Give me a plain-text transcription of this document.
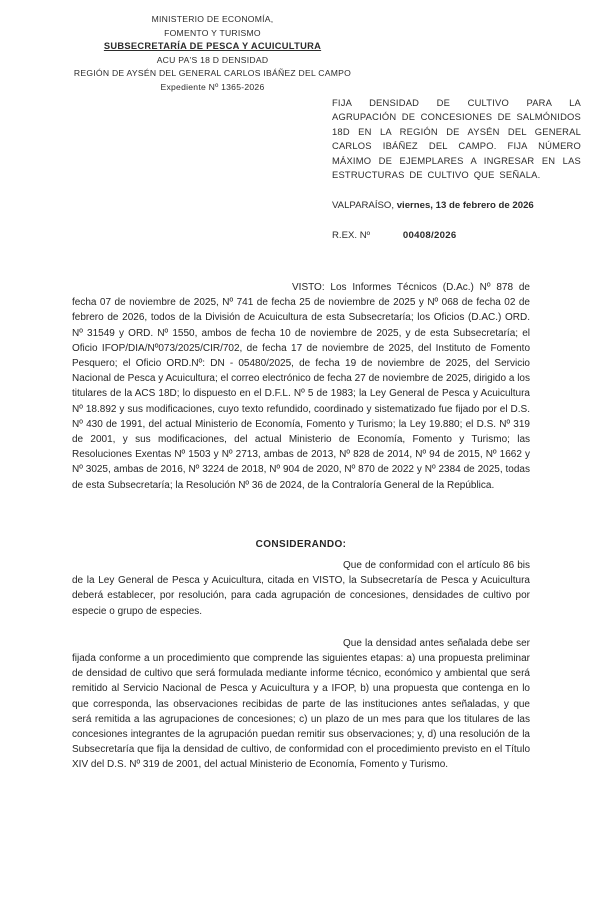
MINISTERIO DE ECONOMÍA,
FOMENTO Y TURISMO
SUBSECRETARÍA DE PESCA Y ACUICULTURA
ACU PA'S 18 D DENSIDAD
REGIÓN DE AYSÉN DEL GENERAL CARLOS IBÁÑEZ DEL CAMPO
Expediente Nº 1365-2026
FIJA DENSIDAD DE CULTIVO PARA LA AGRUPACIÓN DE CONCESIONES DE SALMÓNIDOS 18D EN LA REGIÓN DE AYSÉN DEL GENERAL CARLOS IBÁÑEZ DEL CAMPO. FIJA NÚMERO MÁXIMO DE EJEMPLARES A INGRESAR EN LAS ESTRUCTURAS DE CULTIVO QUE SEÑALA.
VALPARAÍSO, viernes, 13 de febrero de 2026
R.EX. Nº	00408/2026

VISTO: Los Informes Técnicos (D.Ac.) Nº 878 de fecha 07 de noviembre de 2025, Nº 741 de fecha 25 de noviembre de 2025 y Nº 068 de fecha 02 de febrero de 2026, todos de la División de Acuicultura de esta Subsecretaría; los Oficios (D.AC.) ORD. Nº 31549 y ORD. Nº 1550, ambos de fecha 10 de noviembre de 2025, y de esta Subsecretaría; el Oficio IFOP/DIA/Nº073/2025/CIR/702, de fecha 17 de noviembre de 2025, del Instituto de Fomento Pesquero; el Oficio ORD.Nº: DN - 05480/2025, de fecha 19 de noviembre de 2025, del Servicio Nacional de Pesca y Acuicultura; el correo electrónico de fecha 27 de noviembre de 2025, dirigido a los titulares de la ACS 18D; lo dispuesto en el D.F.L. Nº 5 de 1983; la Ley General de Pesca y Acuicultura Nº 18.892 y sus modificaciones, cuyo texto refundido, coordinado y sistematizado fue fijado por el D.S. Nº 430 de 1991, del actual Ministerio de Economía, Fomento y Turismo; la Ley 19.880; el D.S. Nº 319 de 2001, y sus modificaciones, del actual Ministerio de Economía, Fomento y Turismo; las Resoluciones Exentas Nº 1503 y Nº 2713, ambas de 2013, Nº 828 de 2014, Nº 94 de 2015, Nº 1662 y Nº 3025, ambas de 2016, Nº 3224 de 2018, Nº 904 de 2020, Nº 870 de 2022 y Nº 2384 de 2025, todas de esta Subsecretaría; la Resolución Nº 36 de 2024, de la Contraloría General de la República.

CONSIDERANDO:

Que de conformidad con el artículo 86 bis de la Ley General de Pesca y Acuicultura, citada en VISTO, la Subsecretaría de Pesca y Acuicultura deberá establecer, por resolución, para cada agrupación de concesiones, densidades de cultivo por especie o grupo de especies.

Que la densidad antes señalada debe ser fijada conforme a un procedimiento que comprende las siguientes etapas: a) una propuesta preliminar de densidad de cultivo que será formulada mediante informe técnico, económico y ambiental que será remitido al Servicio Nacional de Pesca y Acuicultura y a IFOP, b) una propuesta que contenga en lo que corresponda, las observaciones recibidas de parte de las instituciones antes señaladas, y que será remitida a las agrupaciones de concesiones; c) un plazo de un mes para que los titulares de las concesiones integrantes de la agrupación puedan remitir sus observaciones; y, d) una resolución de la Subsecretaría que fija la densidad de cultivo, de conformidad con el procedimiento previsto en el Título XIV del D.S. Nº 319 de 2001, del actual Ministerio de Economía, Fomento y Turismo.
